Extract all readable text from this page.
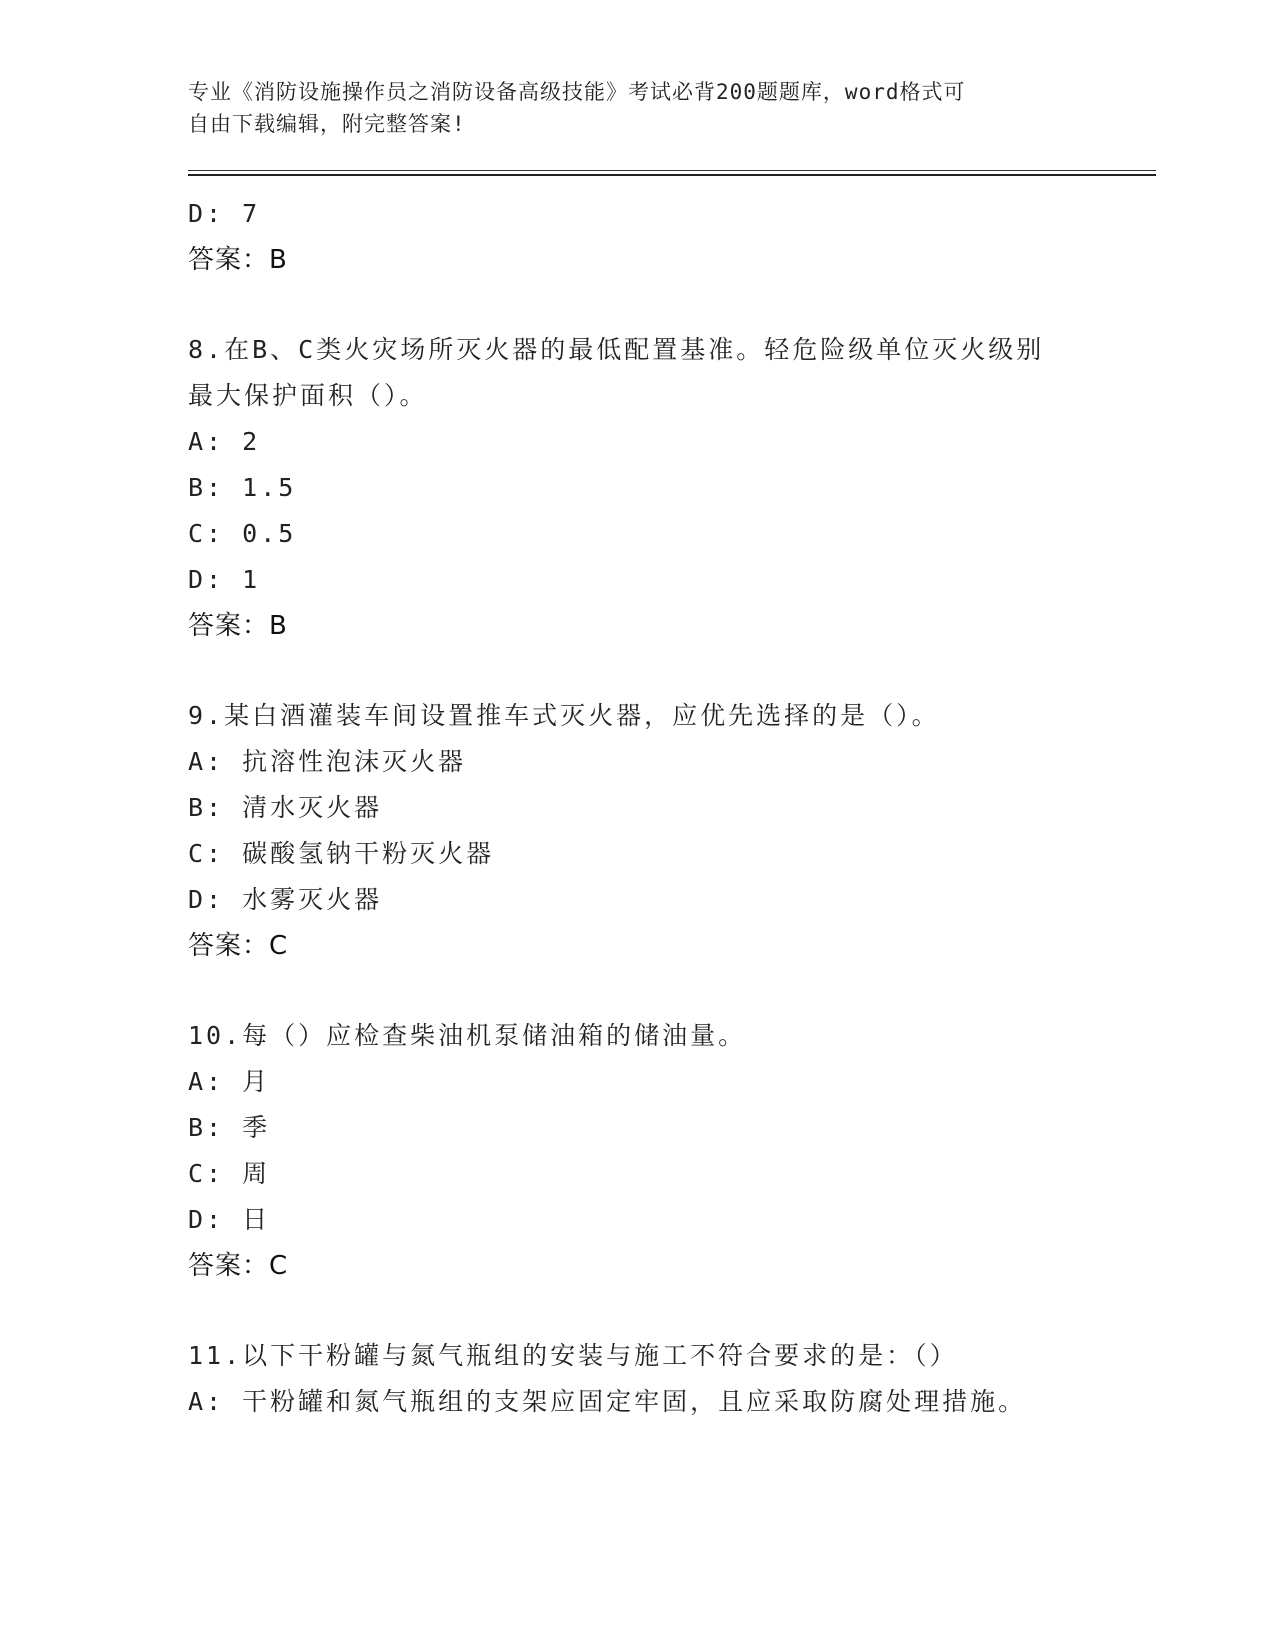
专业《消防设施操作员之消防设备高级技能》考试必背200题题库，word格式可
自由下载编辑，附完整答案!
D: 7
答案：B
8.在B、C类火灾场所灭火器的最低配置基准。轻危险级单位灭火级别
最大保护面积（）。
A: 2
B: 1.5
C: 0.5
D: 1
答案：B
9.某白酒灌装车间设置推车式灭火器，应优先选择的是（）。
A: 抗溶性泡沫灭火器
B: 清水灭火器
C: 碳酸氢钠干粉灭火器
D: 水雾灭火器
答案：C
10.每（）应检查柴油机泵储油箱的储油量。
A: 月
B: 季
C: 周
D: 日
答案：C
11.以下干粉罐与氮气瓶组的安装与施工不符合要求的是：（）
A: 干粉罐和氮气瓶组的支架应固定牢固，且应采取防腐处理措施。
